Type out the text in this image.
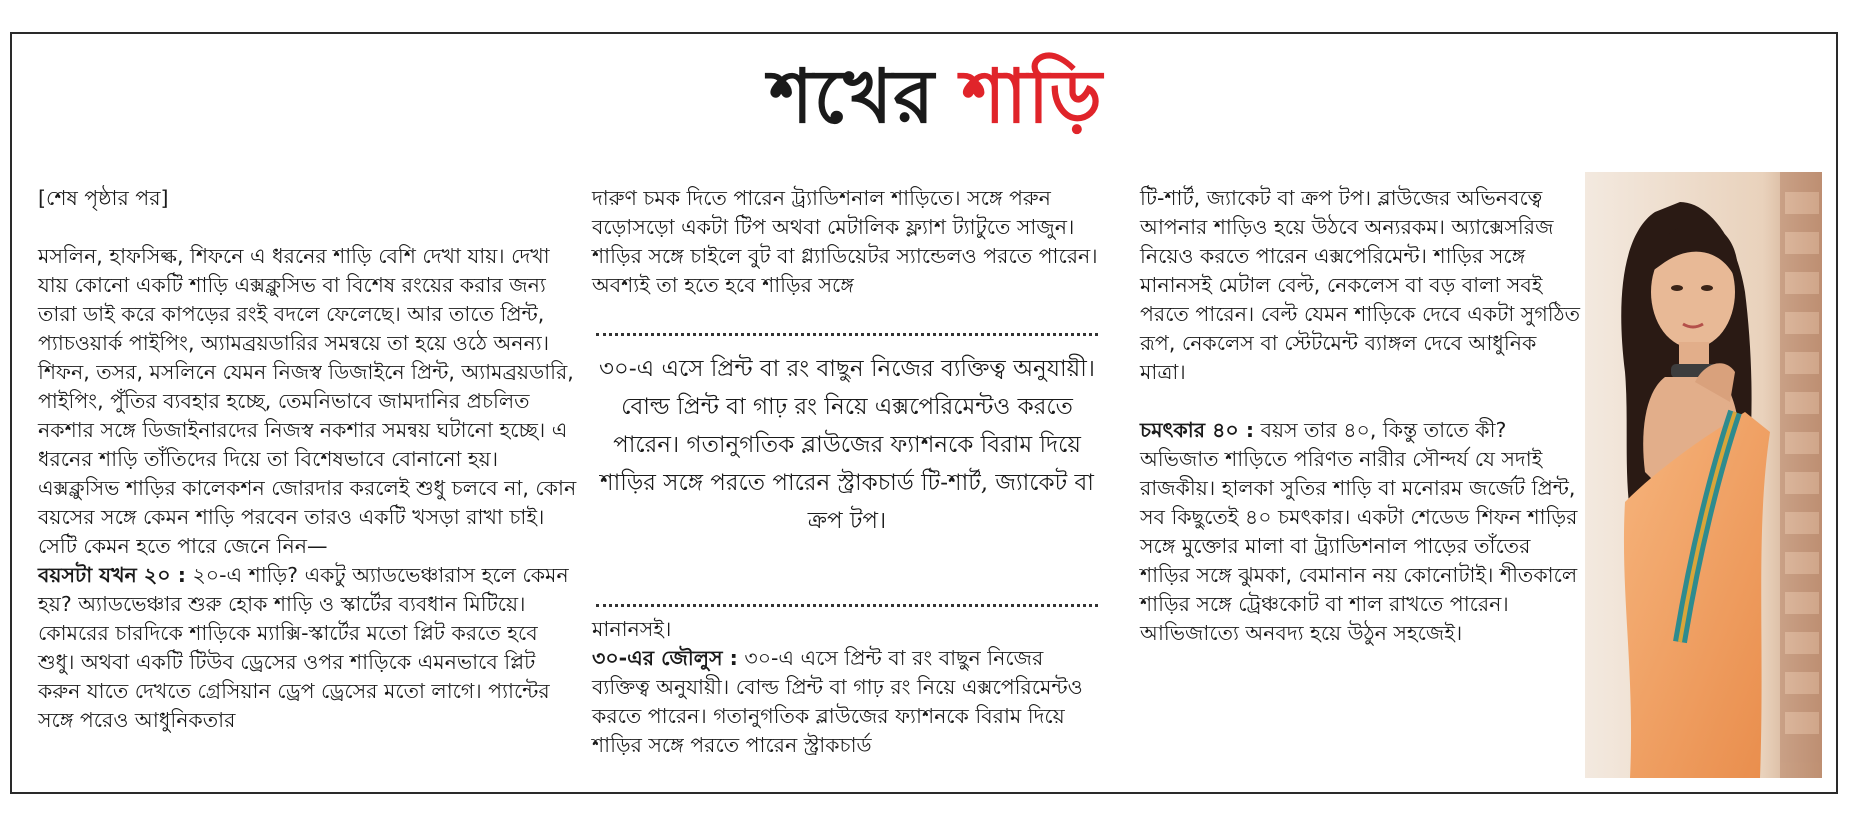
শখের শাড়ি

[শেষ পৃষ্ঠার পর]

মসলিন, হাফসিল্ক, শিফনে এ ধরনের শাড়ি বেশি দেখা যায়। দেখা যায় কোনো একটি শাড়ি এক্সক্লুসিভ বা বিশেষ রংয়ের করার জন্য তারা ডাই করে কাপড়ের রংই বদলে ফেলেছে। আর তাতে প্রিন্ট, প্যাচওয়ার্ক পাইপিং, অ্যামব্রয়ডারির সমন্বয়ে তা হয়ে ওঠে অনন্য। শিফন, তসর, মসলিনে যেমন নিজস্ব ডিজাইনে প্রিন্ট, অ্যামব্রয়ডারি, পাইপিং, পুঁতির ব্যবহার হচ্ছে, তেমনিভাবে জামদানির প্রচলিত নকশার সঙ্গে ডিজাইনারদের নিজস্ব নকশার সমন্বয় ঘটানো হচ্ছে। এ ধরনের শাড়ি তাঁতিদের দিয়ে তা বিশেষভাবে বোনানো হয়। এক্সক্লুসিভ শাড়ির কালেকশন জোরদার করলেই শুধু চলবে না, কোন বয়সের সঙ্গে কেমন শাড়ি পরবেন তারও একটি খসড়া রাখা চাই। সেটি কেমন হতে পারে জেনে নিন—

বয়সটা যখন ২০ : ২০-এ শাড়ি? একটু অ্যাডভেঞ্চারাস হলে কেমন হয়? অ্যাডভেঞ্চার শুরু হোক শাড়ি ও স্কার্টের ব্যবধান মিটিয়ে। কোমরের চারদিকে শাড়িকে ম্যাক্সি-স্কার্টের মতো প্লিট করতে হবে শুধু। অথবা একটি টিউব ড্রেসের ওপর শাড়িকে এমনভাবে প্লিট করুন যাতে দেখতে গ্রেসিয়ান ড্রেপ ড্রেসের মতো লাগে। প্যান্টের সঙ্গে পরেও আধুনিকতার

দারুণ চমক দিতে পারেন ট্র্যাডিশনাল শাড়িতে। সঙ্গে পরুন বড়োসড়ো একটা টিপ অথবা মেটালিক ফ্ল্যাশ ট্যাটুতে সাজুন। শাড়ির সঙ্গে চাইলে বুট বা গ্ল্যাডিয়েটর স্যান্ডেলও পরতে পারেন। অবশ্যই তা হতে হবে শাড়ির সঙ্গে

৩০-এ এসে প্রিন্ট বা রং বাছুন নিজের ব্যক্তিত্ব অনুযায়ী। বোল্ড প্রিন্ট বা গাঢ় রং নিয়ে এক্সপেরিমেন্টও করতে পারেন। গতানুগতিক ব্লাউজের ফ্যাশনকে বিরাম দিয়ে শাড়ির সঙ্গে পরতে পারেন স্ট্রাকচার্ড টি-শার্ট, জ্যাকেট বা ক্রপ টপ।

মানানসই।

৩০-এর জৌলুস : ৩০-এ এসে প্রিন্ট বা রং বাছুন নিজের ব্যক্তিত্ব অনুযায়ী। বোল্ড প্রিন্ট বা গাঢ় রং নিয়ে এক্সপেরিমেন্টও করতে পারেন। গতানুগতিক ব্লাউজের ফ্যাশনকে বিরাম দিয়ে শাড়ির সঙ্গে পরতে পারেন স্ট্রাকচার্ড

টি-শার্ট, জ্যাকেট বা ক্রপ টপ। ব্লাউজের অভিনবত্বে আপনার শাড়িও হয়ে উঠবে অন্যরকম। অ্যাক্সেসরিজ নিয়েও করতে পারেন এক্সপেরিমেন্ট। শাড়ির সঙ্গে মানানসই মেটাল বেল্ট, নেকলেস বা বড় বালা সবই পরতে পারেন। বেল্ট যেমন শাড়িকে দেবে একটা সুগঠিত রূপ, নেকলেস বা স্টেটমেন্ট ব্যাঙ্গল দেবে আধুনিক মাত্রা।

চমৎকার ৪০ : বয়স তার ৪০, কিন্তু তাতে কী? অভিজাত শাড়িতে পরিণত নারীর সৌন্দর্য যে সদাই রাজকীয়। হালকা সুতির শাড়ি বা মনোরম জর্জেট প্রিন্ট, সব কিছুতেই ৪০ চমৎকার। একটা শেডেড শিফন শাড়ির সঙ্গে মুক্তোর মালা বা ট্র্যাডিশনাল পাড়ের তাঁতের শাড়ির সঙ্গে ঝুমকা, বেমানান নয় কোনোটাই। শীতকালে শাড়ির সঙ্গে ট্রেঞ্চকোট বা শাল রাখতে পারেন। আভিজাত্যে অনবদ্য হয়ে উঠুন সহজেই।
